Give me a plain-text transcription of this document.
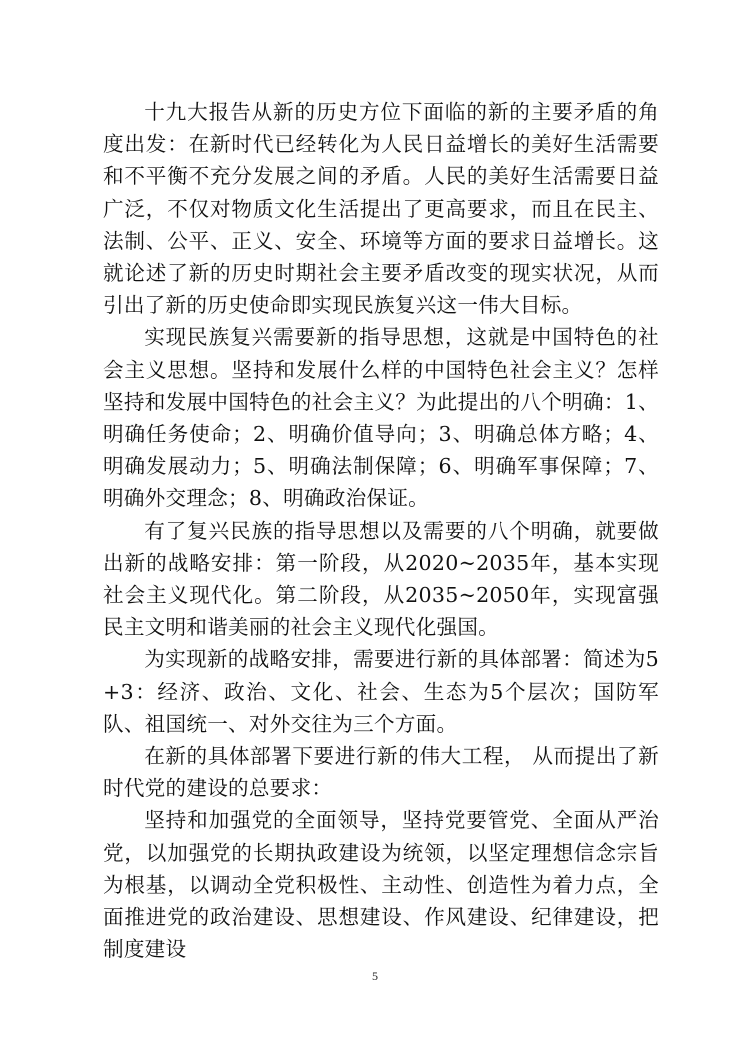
十九大报告从新的历史方位下面临的新的主要矛盾的角度出发：在新时代已经转化为人民日益增长的美好生活需要和不平衡不充分发展之间的矛盾。人民的美好生活需要日益广泛，不仅对物质文化生活提出了更高要求，而且在民主、法制、公平、正义、安全、环境等方面的要求日益增长。这就论述了新的历史时期社会主要矛盾改变的现实状况，从而引出了新的历史使命即实现民族复兴这一伟大目标。

实现民族复兴需要新的指导思想，这就是中国特色的社会主义思想。坚持和发展什么样的中国特色社会主义？怎样坚持和发展中国特色的社会主义？为此提出的八个明确：1、明确任务使命；2、明确价值导向；3、明确总体方略；4、明确发展动力；5、明确法制保障；6、明确军事保障；7、明确外交理念；8、明确政治保证。

有了复兴民族的指导思想以及需要的八个明确，就要做出新的战略安排：第一阶段，从2020~2035年，基本实现社会主义现代化。第二阶段，从2035~2050年，实现富强民主文明和谐美丽的社会主义现代化强国。

为实现新的战略安排，需要进行新的具体部署：简述为5+3：经济、政治、文化、社会、生态为5个层次；国防军队、祖国统一、对外交往为三个方面。

在新的具体部署下要进行新的伟大工程， 从而提出了新时代党的建设的总要求：

坚持和加强党的全面领导，坚持党要管党、全面从严治党，以加强党的长期执政建设为统领，以坚定理想信念宗旨为根基，以调动全党积极性、主动性、创造性为着力点，全面推进党的政治建设、思想建设、作风建设、纪律建设，把制度建设

5
